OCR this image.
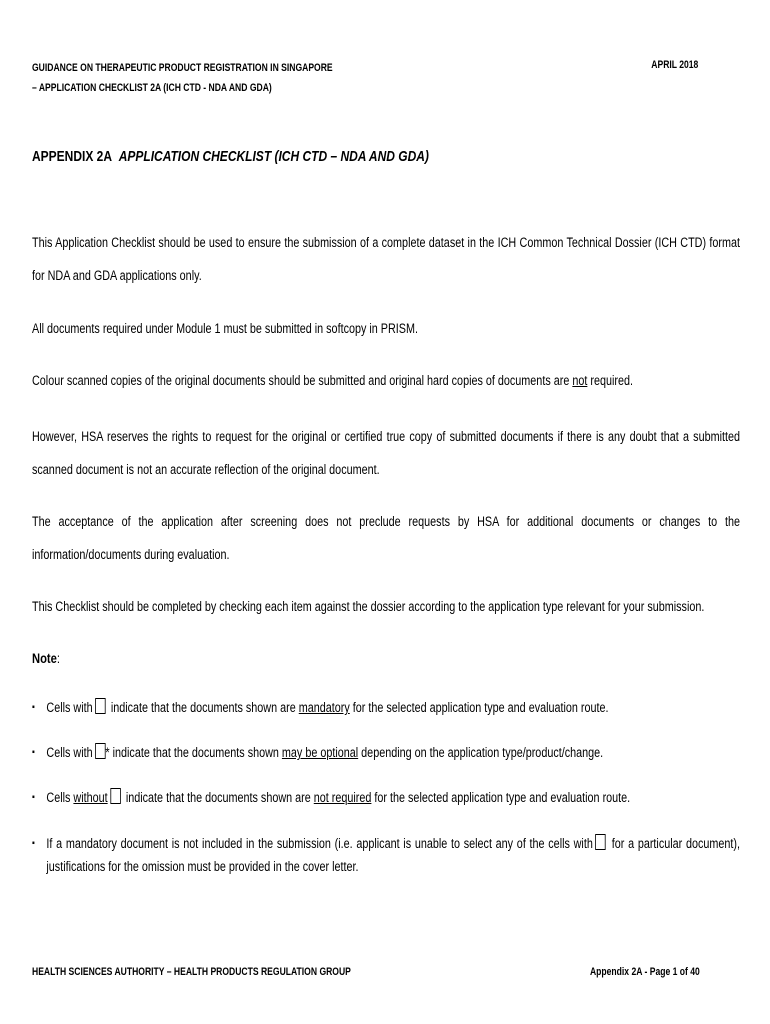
GUIDANCE ON THERAPEUTIC PRODUCT REGISTRATION IN SINGAPORE
– APPLICATION CHECKLIST 2A (ICH CTD - NDA AND GDA)
APRIL 2018
APPENDIX 2A APPLICATION CHECKLIST (ICH CTD – NDA AND GDA)
This Application Checklist should be used to ensure the submission of a complete dataset in the ICH Common Technical Dossier (ICH CTD) format for NDA and GDA applications only.
All documents required under Module 1 must be submitted in softcopy in PRISM.
Colour scanned copies of the original documents should be submitted and original hard copies of documents are not required.
However, HSA reserves the rights to request for the original or certified true copy of submitted documents if there is any doubt that a submitted scanned document is not an accurate reflection of the original document.
The acceptance of the application after screening does not preclude requests by HSA for additional documents or changes to the information/documents during evaluation.
This Checklist should be completed by checking each item against the dossier according to the application type relevant for your submission.
Note:
▪ Cells with indicate that the documents shown are mandatory for the selected application type and evaluation route.
▪ Cells with * indicate that the documents shown may be optional depending on the application type/product/change.
▪ Cells without indicate that the documents shown are not required for the selected application type and evaluation route.
▪ If a mandatory document is not included in the submission (i.e. applicant is unable to select any of the cells with for a particular document), justifications for the omission must be provided in the cover letter.
HEALTH SCIENCES AUTHORITY – HEALTH PRODUCTS REGULATION GROUP	Appendix 2A - Page 1 of 40
